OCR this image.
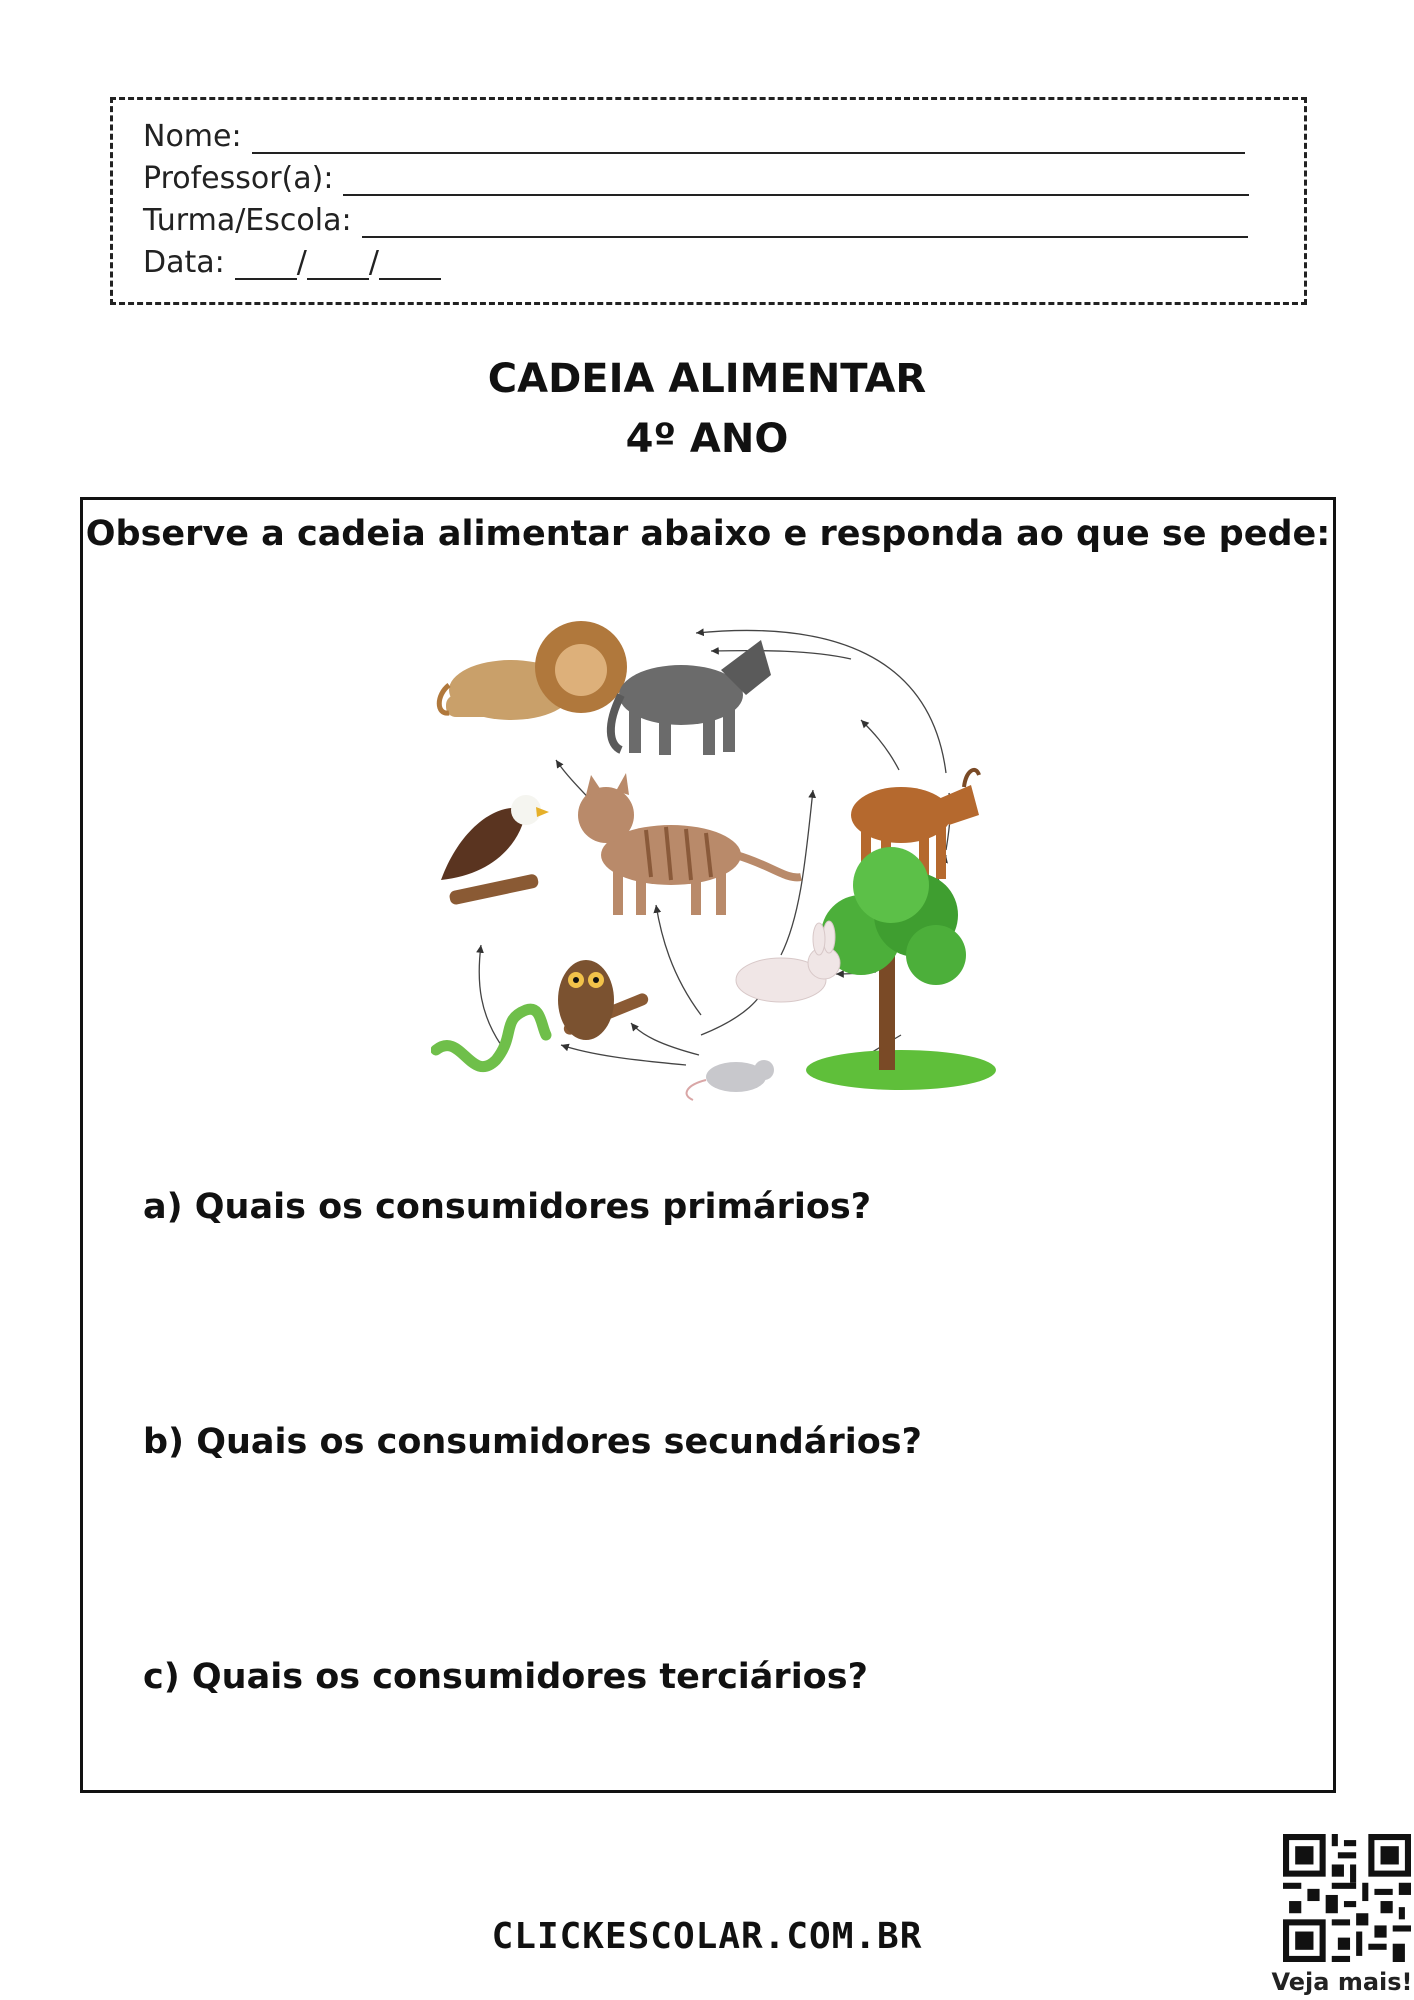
Nome:
Professor(a):
Turma/Escola:
Data: / /
CADEIA ALIMENTAR
4º ANO
Observe a cadeia alimentar abaixo e responda ao que se pede:
a) Quais os consumidores primários?
b) Quais os consumidores secundários?
c) Quais os consumidores terciários?
CLICKESCOLAR.COM.BR
Veja mais!
